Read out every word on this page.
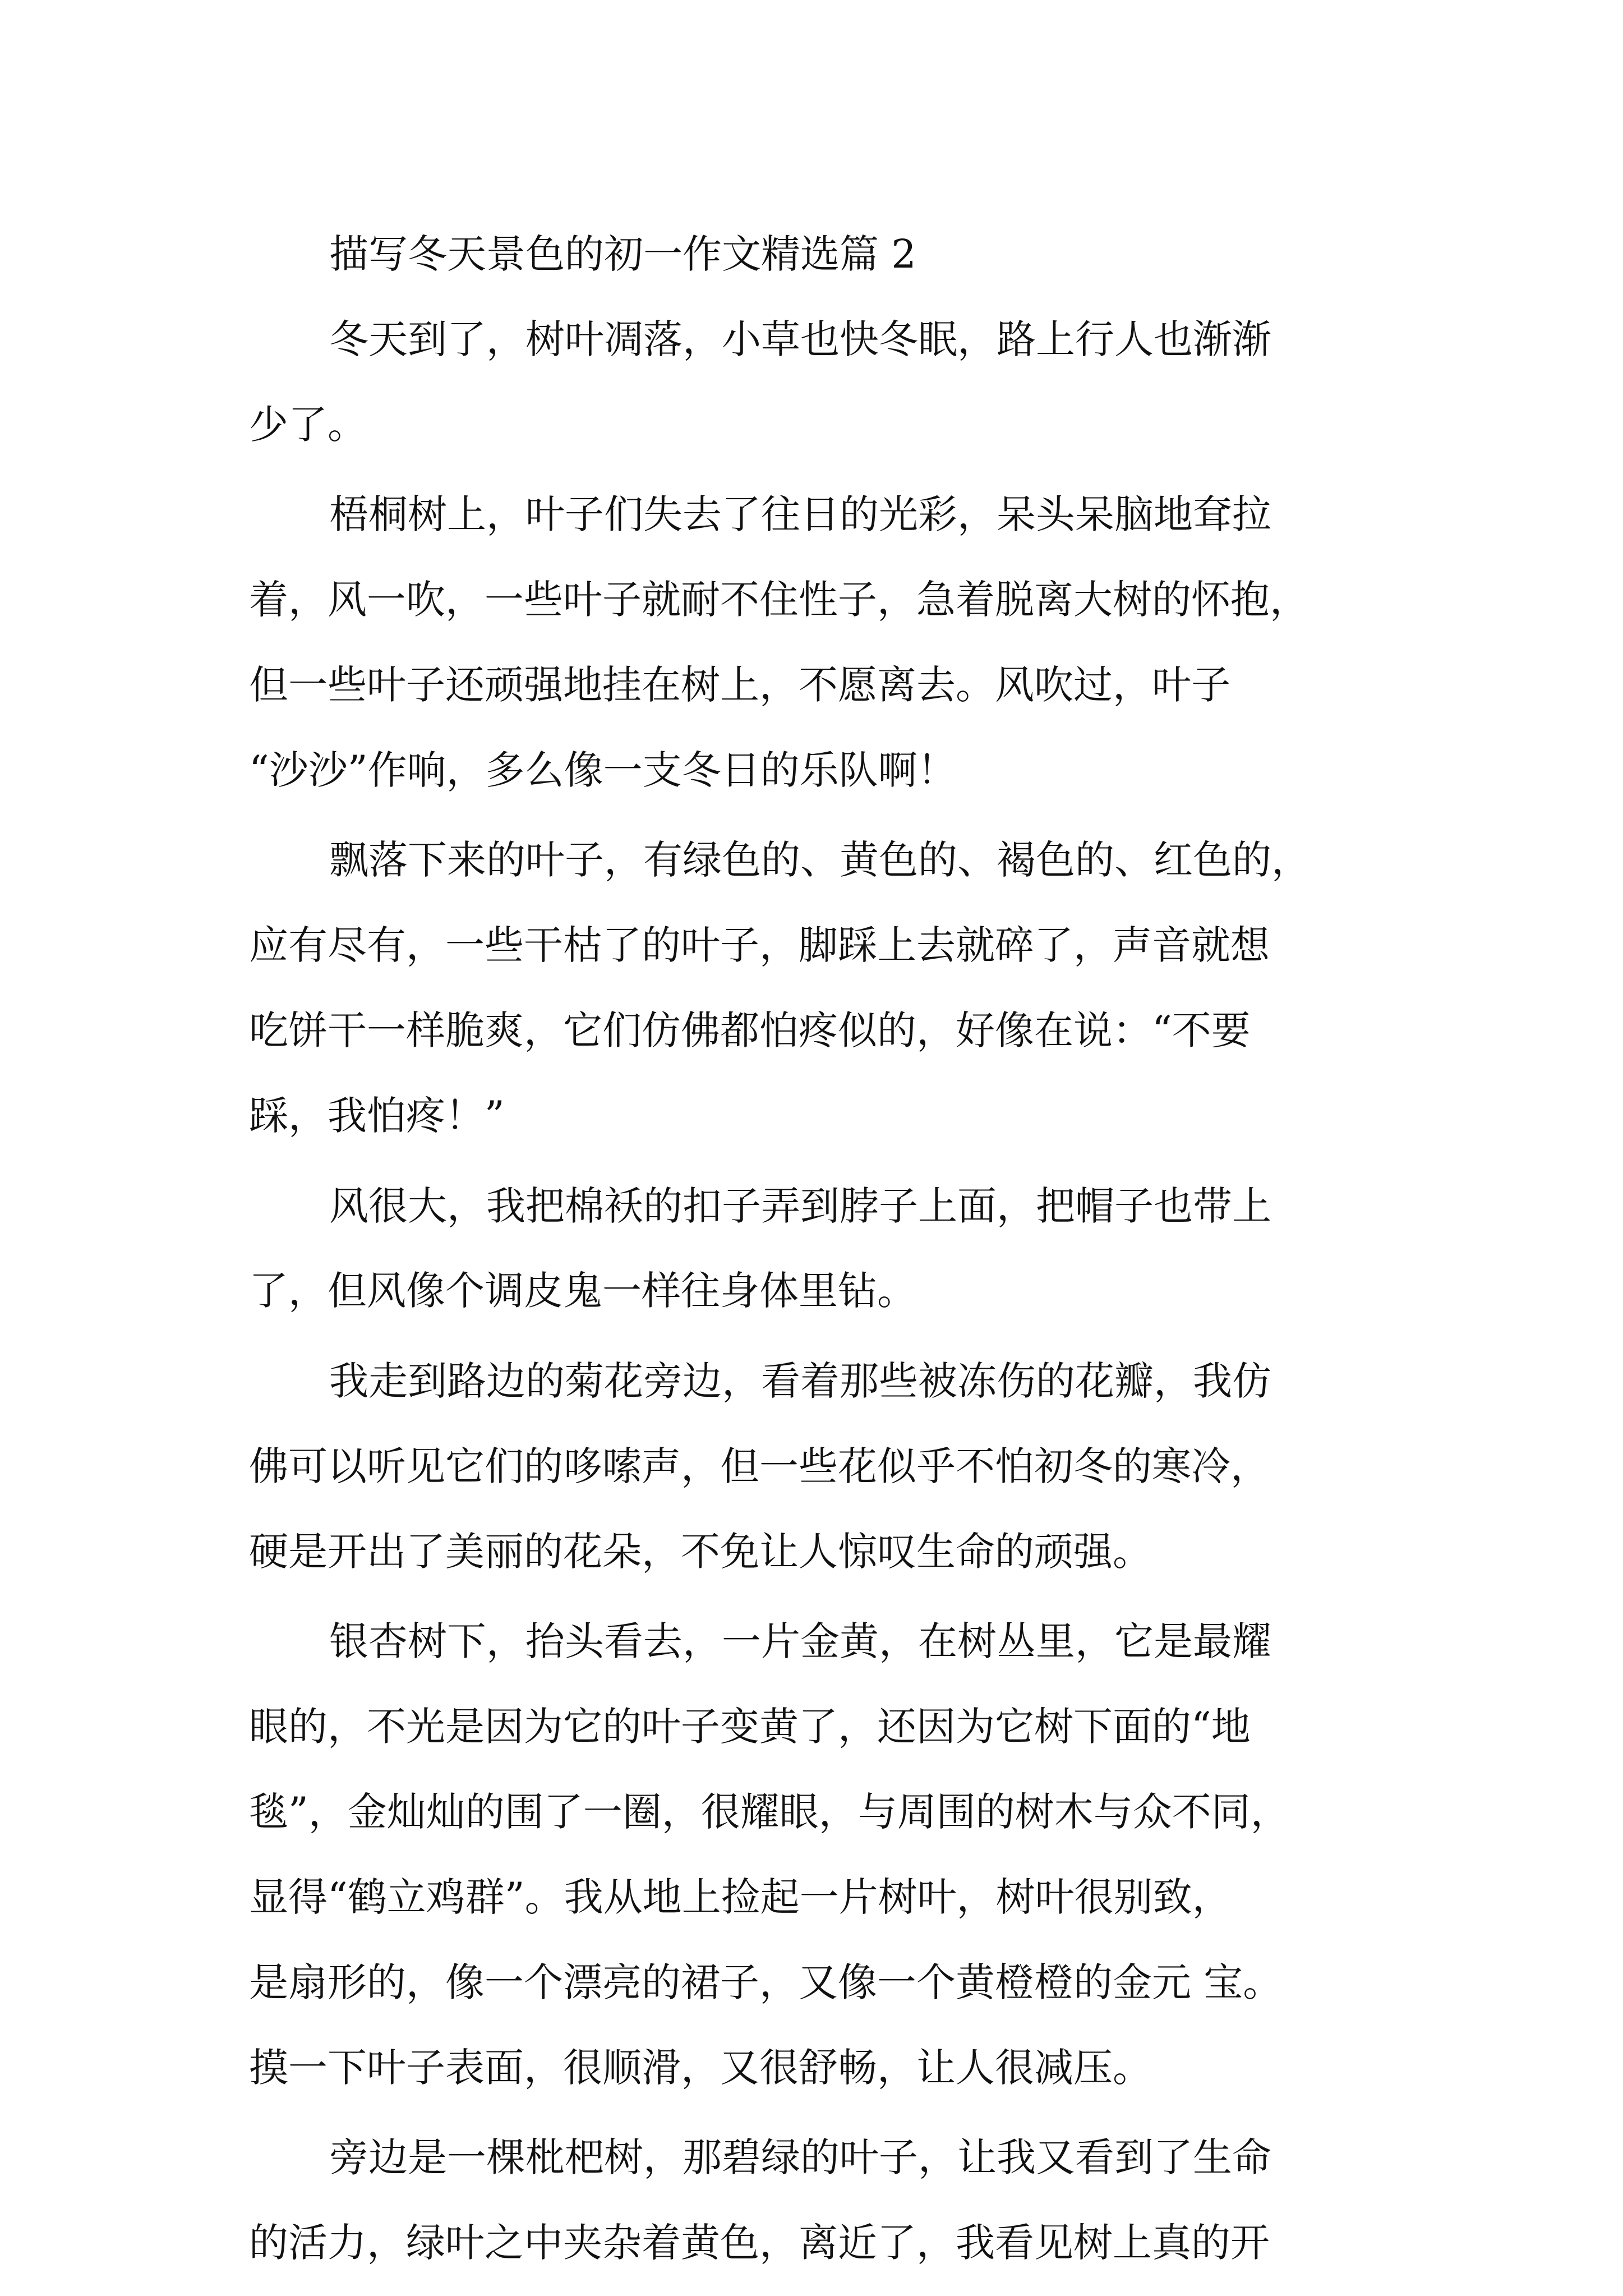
描写冬天景色的初一作文精选篇 2
冬天到了，树叶凋落，小草也快冬眠，路上行人也渐渐
少了。
梧桐树上，叶子们失去了往日的光彩，呆头呆脑地耷拉
着，风一吹，一些叶子就耐不住性子，急着脱离大树的怀抱，
但一些叶子还顽强地挂在树上，不愿离去。风吹过，叶子
“沙沙”作响，多么像一支冬日的乐队啊！
飘落下来的叶子，有绿色的、黄色的、褐色的、红色的，
应有尽有，一些干枯了的叶子，脚踩上去就碎了，声音就想
吃饼干一样脆爽，它们仿佛都怕疼似的，好像在说：“不要
踩，我怕疼！”
风很大，我把棉袄的扣子弄到脖子上面，把帽子也带上
了，但风像个调皮鬼一样往身体里钻。
我走到路边的菊花旁边，看着那些被冻伤的花瓣，我仿
佛可以听见它们的哆嗦声，但一些花似乎不怕初冬的寒冷，
硬是开出了美丽的花朵，不免让人惊叹生命的顽强。
银杏树下，抬头看去，一片金黄，在树丛里，它是最耀
眼的，不光是因为它的叶子变黄了，还因为它树下面的“地
毯”，金灿灿的围了一圈，很耀眼，与周围的树木与众不同，
显得“鹤立鸡群”。我从地上捡起一片树叶，树叶很别致，
是扇形的，像一个漂亮的裙子，又像一个黄橙橙的金元 宝。
摸一下叶子表面，很顺滑，又很舒畅，让人很减压。
旁边是一棵枇杷树，那碧绿的叶子，让我又看到了生命
的活力，绿叶之中夹杂着黄色，离近了，我看见树上真的开
